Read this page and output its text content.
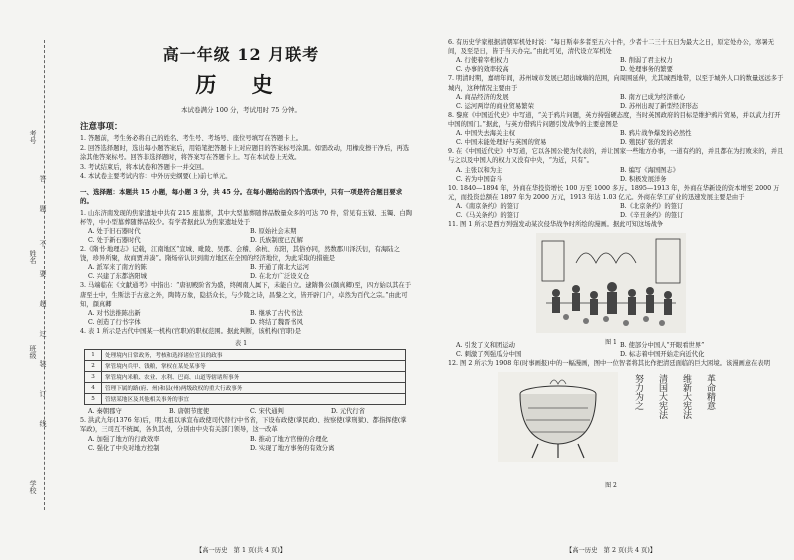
考号
姓名
班级
学校
答
题
不
要
超
过
装
订
线
高一年级 12 月联考
历 史
本试卷满分 100 分，考试用时 75 分钟。
注意事项：

1. 答题前，考生务必将自己的姓名、考生号、考场号、座位号填写在答题卡上。

2. 回答选择题时，选出每小题答案后，用铅笔把答题卡上对应题目的答案标号涂黑。如需改动，用橡皮擦干净后，再选涂其他答案标号。回答非选择题时，将答案写在答题卡上。写在本试卷上无效。

3. 考试结束后，将本试卷和答题卡一并交回。

4. 本试卷主要考试内容：中外历史纲要(上)前七单元。

一、选择题：本题共 15 小题，每小题 3 分，共 45 分。在每小题给出的四个选项中，只有一项是符合题目要求的。
1. 山东济南发现的焦家遗址中共有 215 座墓葬，其中大型墓葬随葬品数量众多的可达 70 件，常见有玉钺、玉镯、白陶杯等，中小型墓葬随葬品较少。有学者据此认为焦家遗址处于
A. 处于旧石器时代	B. 原始社会末期
C. 处于新石器时代	D. 氏族制度已瓦解
2.《隋书·地理志》记载，江南地区“宣城、毗陵、吴郡、会稽、余杭、东阳，其俗亦同，然数郡川泽沃衍，有海陆之饶，珍异所聚，故商贾并凑”。隋炀帝认识到南方地区在全国的经济地位，为此采取的措施是
A. 派军来了南方的陈	B. 开通了南北大运河
C. 兴建了东都洛阳城	D. 在北方广泛设义仓
3. 马端临在《文献通考》中指出：“唐初殿阶省为盛，终阙南人属下，未能自立。逮隋鲁公(颜真卿)至，四方始以其在于唐至士中，生斯法于古意之外，陶铸万象，隐括众长，与少陵之诗，昌黎之文，皆开辟门户，卓然为百代之宗。”由此可知，颜真卿
A. 对书法推陈出新	B. 继承了古代书法
C. 创造了行书字体	D. 终结了魏晋书风
4. 表 1 所示是古代中国某一机构(官职)的职权范围。据此判断，该机构(官职)是
表 1
1	处理境内日常政务，考核和选择诸位官员的政事
2	掌管境内兵甲、钱粮，掌权在某处某事等
3	掌管境内米粮、农业、水利、巴商、山道等辖诸所事务
4	管理下属的路(府、州)和县(州)两级政权的重大行政事务
5	管辖某地区及其他相关事务的事宜
A. 秦朝郡守	B. 唐朝节度使	C. 宋代通判	D. 元代行省
5. 洪武九年(1376 年)后，明太祖以承宣布政使司代替行中书省，下设布政使(掌民政)、按察使(掌刑狱)、都指挥使(掌军政)，三司互不统属，各负其责，分别由中央有关部门领导，这一改革
A. 加强了地方的行政效率	B. 推动了地方官僚的合理化
C. 强化了中央对地方控制	D. 实现了地方事务的有效分离
【高一历史　第 1 页(共 4 页)】
6. 有历史学家根据清朝军机处时说：“每日斯奉多者至五六十件，少者十二三十五日为最大之日，原定处办公，寒暑无间，及至是日，皆于当天办完。”由此可见，清代设立军机处
A. 行使着宰相权力	B. 削弱了君主权力
C. 办事的效率较高	D. 处理事务的繁要
7. 明清时期，嘉靖年间，苏州城市发展已超出城墙的范围，向周围延伸，尤其城西地带，以至于城外人口的数量远远多于城内，这种情况主要由于
A. 商品经济的发展	B. 南方已成为经济重心
C. 运河两岸的商业贸易繁荣	D. 苏州出现了新型经济形态
8. 黎庶《中国近代史》中写道，“关于鸦片问题，英方持强硬态度，当时英国政府的目标是维护鸦片贸易，并以武力打开中国的国门。”据此，与英方借鸦片问题引发战争的主要意图是
A. 中国失去海关主权	B. 鸦片战争爆发的必然性
C. 中国未能处理好与英国的贸易	D. 殖民扩张的需求
9. 在《中国近代史》中写道，它以各国公使为代表的，并让国家一些地方办事，一道有约的，并且都在为打败来的，并且与之以及中国人的权力又没有中央，“为近，只有”。
A. 主张以和为主	B. 编写《海国图志》
C. 若为中国奋斗	D. 积极发展洋务
10. 1840—1894 年，外商在华投资增长 100 万至 1000 多万。1895—1913 年，外商在华新设的资本增至 2000 万元，而投资总额在 1897 年为 2000 万元，1913 年达 1.03 亿元。外商在华工矿业的迅速发展主要是由于
A.《南京条约》的签订	B.《北京条约》的签订
C.《马关条约》的签订	D.《辛丑条约》的签订
11. 图 1 所示是西方列强发动某次侵华战争时所绘的漫画。据此可知这场战争
图 1
A. 引发了义和团运动	B. 使部分中国人“开眼看世界”
C. 刺激了列强瓜分中国	D. 标志着中国开始走向近代化
12. 图 2 所示为 1908 年(时事画报)中的一幅漫画，图中一位智者将其比作把清廷面临的巨大困境。该漫画意在表明
努力为之 清国大宪法 维新大宪法 革命精意
图 2
【高一历史　第 2 页(共 4 页)】
